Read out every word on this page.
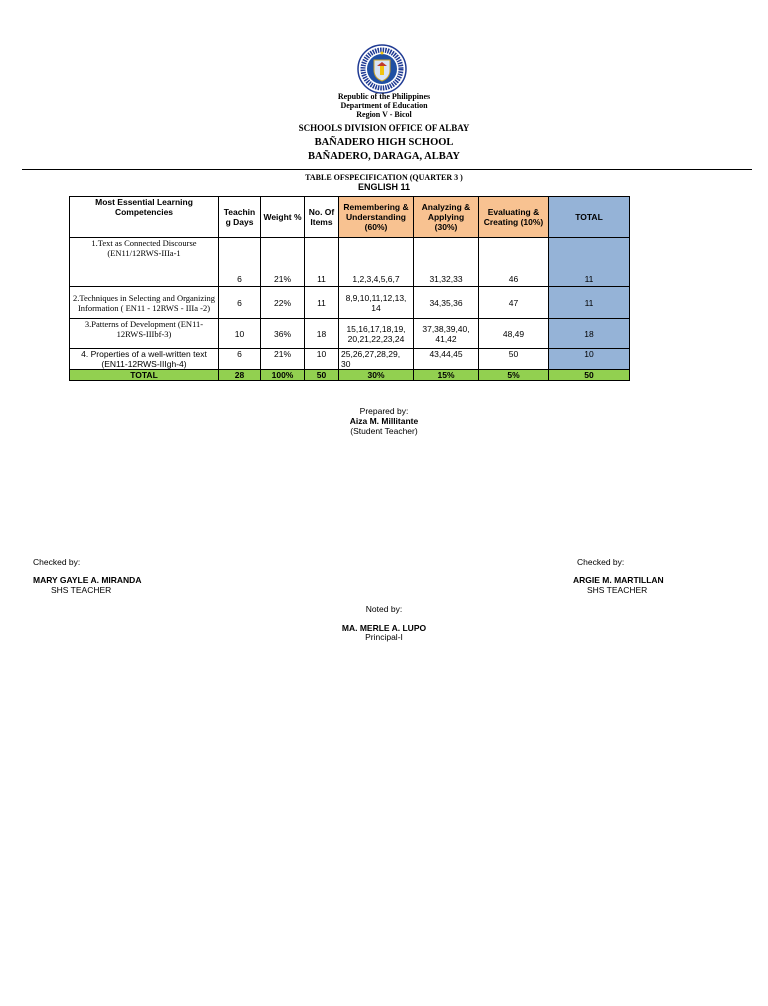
Republic of the Philippines
Department of Education
Region V - Bicol
SCHOOLS DIVISION OFFICE OF ALBAY
BAÑADERO HIGH SCHOOL
BAÑADERO, DARAGA, ALBAY
TABLE OFSPECIFICATION (QUARTER 3 )
ENGLISH 11
Most Essential Learning Competencies	Teachin g Days	Weight %	No. Of Items	Remembering & Understanding (60%)	Analyzing & Applying (30%)	Evaluating & Creating (10%)	TOTAL
1.Text as Connected Discourse (EN11/12RWS-IIIa-1	6	21%	11	1,2,3,4,5,6,7	31,32,33	46	11
2.Techniques in Selecting and Organizing Information ( EN11 - 12RWS - IIIa -2)	6	22%	11	8,9,10,11,12,13, 14	34,35,36	47	11
3.Patterns of Development (EN11-12RWS-IIIbf-3)	10	36%	18	15,16,17,18,19, 20,21,22,23,24	37,38,39,40, 41,42	48,49	18
4. Properties of a well-written text (EN11-12RWS-IIIgh-4)	6	21%	10	25,26,27,28,29, 30	43,44,45	50	10
TOTAL	28	100%	50	30%	15%	5%	50
Prepared by:
Aiza M. Millitante
(Student Teacher)
Checked by:
MARY GAYLE A. MIRANDA
SHS TEACHER
Checked by:
ARGIE M. MARTILLAN
SHS TEACHER
Noted by:
MA. MERLE A. LUPO
Principal-I
